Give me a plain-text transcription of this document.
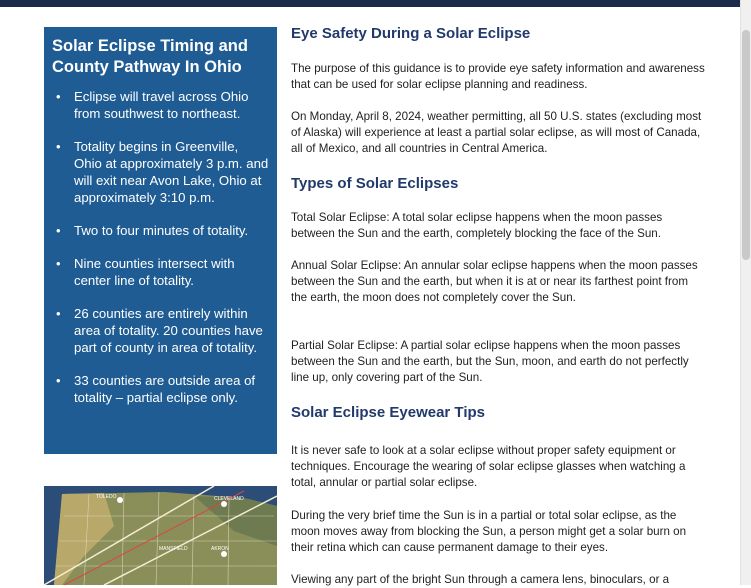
Solar Eclipse Timing and County Pathway In Ohio
• Eclipse will travel across Ohio from southwest to northeast.
• Totality begins in Greenville, Ohio at approximately 3 p.m. and will exit near Avon Lake, Ohio at approximately 3:10 p.m.
• Two to four minutes of totality.
• Nine counties intersect with center line of totality.
• 26 counties are entirely within area of totality. 20 counties have part of county in area of totality.
• 33 counties are outside area of totality – partial eclipse only.
TOLEDO	CLEVELAND
MANSFIELD	AKRON
Eye Safety During a Solar Eclipse

The purpose of this guidance is to provide eye safety information and awareness that can be used for solar eclipse planning and readiness.

On Monday, April 8, 2024, weather permitting, all 50 U.S. states (excluding most of Alaska) will experience at least a partial solar eclipse, as will most of Canada, all of Mexico, and all countries in Central America.

Types of Solar Eclipses

Total Solar Eclipse: A total solar eclipse happens when the moon passes between the Sun and the earth, completely blocking the face of the Sun.

Annual Solar Eclipse: An annular solar eclipse happens when the moon passes between the Sun and the earth, but when it is at or near its farthest point from the earth, the moon does not completely cover the Sun.

Partial Solar Eclipse: A partial solar eclipse happens when the moon passes between the Sun and the earth, but the Sun, moon, and earth do not perfectly line up, only covering part of the Sun.

Solar Eclipse Eyewear Tips

It is never safe to look at a solar eclipse without proper safety equipment or techniques. Encourage the wearing of solar eclipse glasses when watching a total, annular or partial solar eclipse.

During the very brief time the Sun is in a partial or total solar eclipse, as the moon moves away from blocking the Sun, a person might get a solar burn on their retina which can cause permanent damage to their eyes.

Viewing any part of the bright Sun through a camera lens, binoculars, or a
